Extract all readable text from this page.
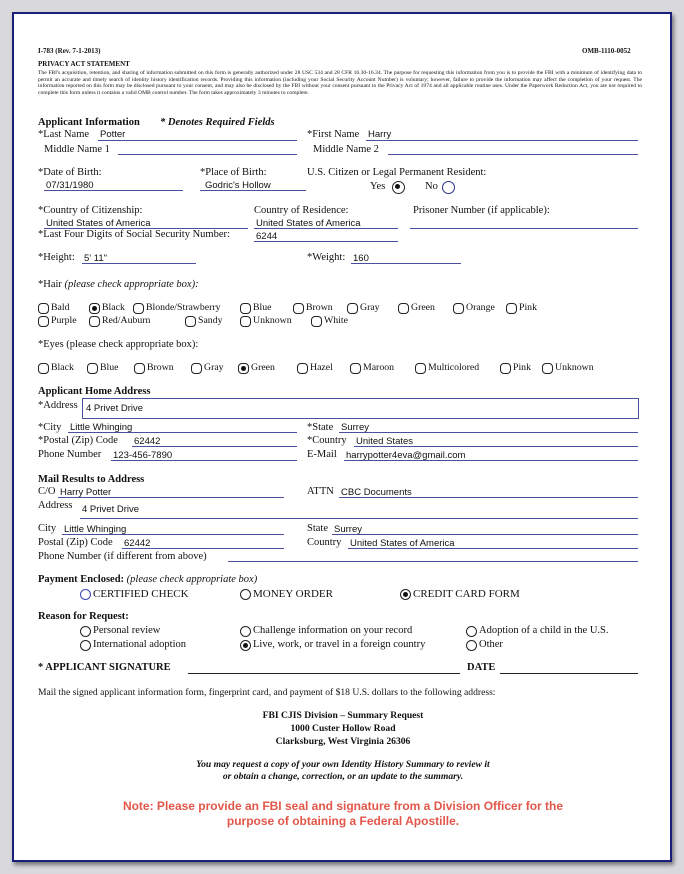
I-783 (Rev. 7-1-2013)	OMB-1110-0052
PRIVACY ACT STATEMENT
The FBI's acquisition, retention, and sharing of information submitted on this form is generally authorized under 28 USC 534 and 28 CFR 16.30-16.34. The purpose for requesting this information from you is to provide the FBI with a minimum of identifying data to permit an accurate and timely search of identity history identification records. Providing this information (including your Social Security Account Number) is voluntary; however, failure to provide the information may affect the completion of your request. The information reported on this form may be disclosed pursuant to your consent, and may also be disclosed by the FBI without your consent pursuant to the Privacy Act of 1974 and all applicable routine uses. Under the Paperwork Reduction Act, you are not required to complete this form unless it contains a valid OMB control number. The form takes approximately 3 minutes to complete.
Applicant Information * Denotes Required Fields
*Last Name Potter	*First Name Harry
Middle Name 1	Middle Name 2
*Date of Birth:
07/31/1980
*Place of Birth:
Godric's Hollow
U.S. Citizen or Legal Permanent Resident:
Yes	No
*Country of Citizenship:
United States of America
Country of Residence:
United States of America
Prisoner Number (if applicable):
*Last Four Digits of Social Security Number:	6244
*Height: 5' 11"	*Weight: 160
*Hair (please check appropriate box):
Bald	Black Blonde/Strawberry	Blue	Brown	Gray	Green	Orange Pink
Purple	Red/Auburn	Sandy	Unknown	White
*Eyes (please check appropriate box):
Black	Blue	Brown	Gray	Green	Hazel	Maroon	Multicolored	Pink Unknown
Applicant Home Address
*Address 4 Privet Drive
*City Little Whinging	*State Surrey
*Postal (Zip) Code 62442	*Country United States
Phone Number 123-456-7890	E-Mail harrypotter4eva@gmail.com
Mail Results to Address
C/O Harry Potter	ATTN CBC Documents
Address 4 Privet Drive
City Little Whinging	State Surrey
Postal (Zip) Code 62442	Country United States of America
Phone Number (if different from above)
Payment Enclosed: (please check appropriate box)
CERTIFIED CHECK	MONEY ORDER	CREDIT CARD FORM
Reason for Request:
Personal review	Challenge information on your record	Adoption of a child in the U.S.
International adoption	Live, work, or travel in a foreign country	Other
* APPLICANT SIGNATURE	DATE
Mail the signed applicant information form, fingerprint card, and payment of $18 U.S. dollars to the following address:
FBI CJIS Division – Summary Request
1000 Custer Hollow Road
Clarksburg, West Virginia 26306
You may request a copy of your own Identity History Summary to review it
or obtain a change, correction, or an update to the summary.
Note: Please provide an FBI seal and signature from a Division Officer for the
purpose of obtaining a Federal Apostille.
